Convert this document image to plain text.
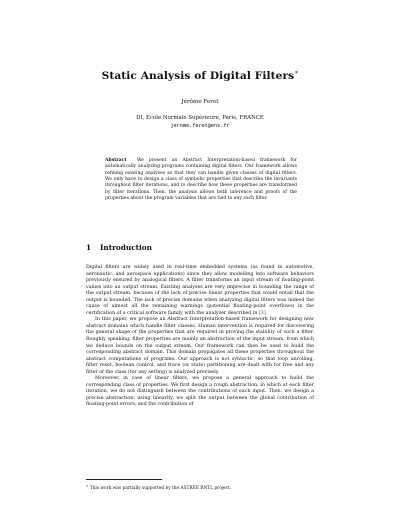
Static Analysis of Digital Filters∗
Jérôme Feret
DI, École Normale Supérieure, Paris, FRANCE
jerome.feret@ens.fr
Abstract We present an Abstract Interpretation-based framework for automatically analyzing programs containing digital filters. Our framework allows refining existing analyses so that they can handle given classes of digital filters. We only have to design a class of symbolic properties that describe the invariants throughout filter iterations, and to describe how these properties are transformed by filter iterations. Then, the analysis allows both inference and proofs of the properties about the program variables that are tied to any such filter.
1 Introduction

Digital filters are widely used in real-time embedded systems (as found in automotive, aeronautic, and aerospace applications) since they allow modelling into software behaviors previously ensured by analogical filters. A filter transforms an input stream of floating-point values into an output stream. Existing analyses are very imprecise in bounding the range of the output stream, because of the lack of precise linear properties that would entail that the output is bounded. The lack of precise domains when analyzing digital filters was indeed the cause of almost all the remaining warnings (potential floating-point overflows) in the certification of a critical software family with the analyzer described in [3].

In this paper, we propose an Abstract Interpretation-based framework for designing new abstract domains which handle filter classes. Human intervention is required for discovering the general shape of the properties that are required in proving the stability of such a filter. Roughly speaking, filter properties are mainly an abstraction of the input stream, from which we deduce bounds on the output stream. Our framework can then be used to build the corresponding abstract domain. This domain propagates all these properties throughout the abstract computations of programs. Our approach is not syntactic, so that loop unrolling, filter reset, boolean control, and trace (or state) partitioning are dealt with for free and any filter of the class (for any setting) is analyzed precisely.

Moreover, in case of linear filters, we propose a general approach to build the corresponding class of properties. We first design a rough abstraction, in which at each filter iteration, we do not distinguish between the contributions of each input. Then, we design a precise abstraction: using linearity, we split the output between the global contribution of floating-point errors, and the contribution of

∗ This work was partially supported by the ASTRÉE RNTL project.
